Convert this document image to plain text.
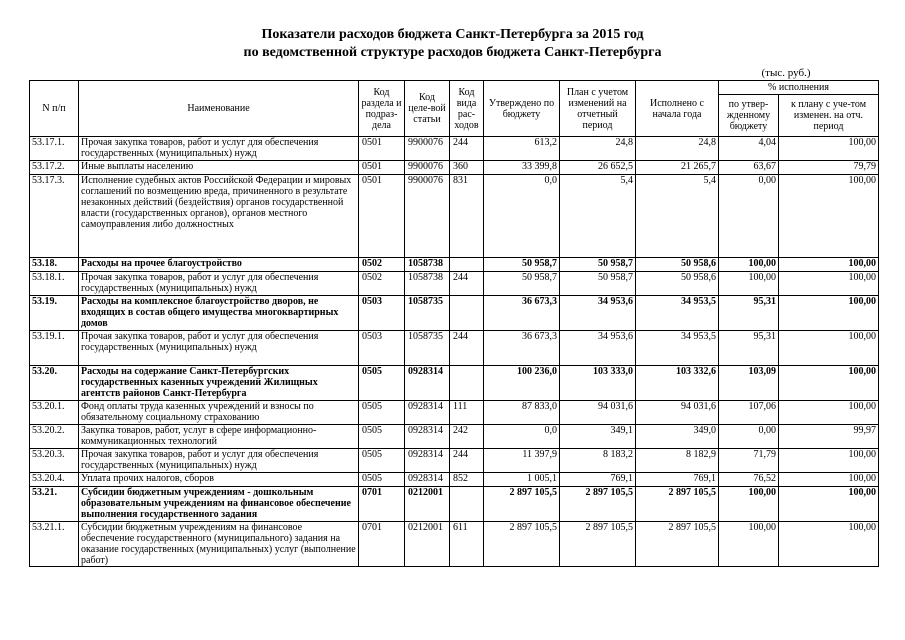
Показатели расходов бюджета Санкт-Петербурга за 2015 год
по ведомственной структуре расходов бюджета Санкт-Петербурга
(тыс. руб.)
N п/п	Наименование	Код раздела и подраз-дела	Код целе-вой статьи	Код вида рас-ходов	Утверждено по бюджету	План с учетом изменений на отчетный период	Исполнено с начала года	% исполнения	
								по утвер-жденному бюджету	к плану с уче-том изменен. на отч. период
53.17.1.	Прочая закупка товаров, работ и услуг для обеспечения государственных (муниципальных) нужд	0501	9900076	244	613,2	24,8	24,8	4,04	100,00
53.17.2.	Иные выплаты населению	0501	9900076	360	33 399,8	26 652,5	21 265,7	63,67	79,79
53.17.3.	Исполнение судебных актов Российской Федерации и мировых соглашений по возмещению вреда, причиненного в результате незаконных действий (бездействия) органов государственной власти (государственных органов), органов местного самоуправления либо должностных	0501	9900076	831	0,0	5,4	5,4	0,00	100,00
53.18.	Расходы на прочее благоустройство	0502	1058738		50 958,7	50 958,7	50 958,6	100,00	100,00
53.18.1.	Прочая закупка товаров, работ и услуг для обеспечения государственных (муниципальных) нужд	0502	1058738	244	50 958,7	50 958,7	50 958,6	100,00	100,00
53.19.	Расходы на комплексное благоустройство дворов, не входящих в состав общего имущества многоквартирных домов	0503	1058735		36 673,3	34 953,6	34 953,5	95,31	100,00
53.19.1.	Прочая закупка товаров, работ и услуг для обеспечения государственных (муниципальных) нужд	0503	1058735	244	36 673,3	34 953,6	34 953,5	95,31	100,00
53.20.	Расходы на содержание Санкт-Петербургских государственных казенных учреждений Жилищных агентств районов Санкт-Петербурга	0505	0928314		100 236,0	103 333,0	103 332,6	103,09	100,00
53.20.1.	Фонд оплаты труда казенных учреждений и взносы по обязательному социальному страхованию	0505	0928314	111	87 833,0	94 031,6	94 031,6	107,06	100,00
53.20.2.	Закупка товаров, работ, услуг в сфере информационно-коммуникационных технологий	0505	0928314	242	0,0	349,1	349,0	0,00	99,97
53.20.3.	Прочая закупка товаров, работ и услуг для обеспечения государственных (муниципальных) нужд	0505	0928314	244	11 397,9	8 183,2	8 182,9	71,79	100,00
53.20.4.	Уплата прочих налогов, сборов	0505	0928314	852	1 005,1	769,1	769,1	76,52	100,00
53.21.	Субсидии бюджетным учреждениям - дошкольным образовательным учреждениям на финансовое обеспечение выполнения государственного задания	0701	0212001		2 897 105,5	2 897 105,5	2 897 105,5	100,00	100,00
53.21.1.	Субсидии бюджетным учреждениям на финансовое обеспечение государственного (муниципального) задания на оказание государственных (муниципальных) услуг (выполнение работ)	0701	0212001	611	2 897 105,5	2 897 105,5	2 897 105,5	100,00	100,00
